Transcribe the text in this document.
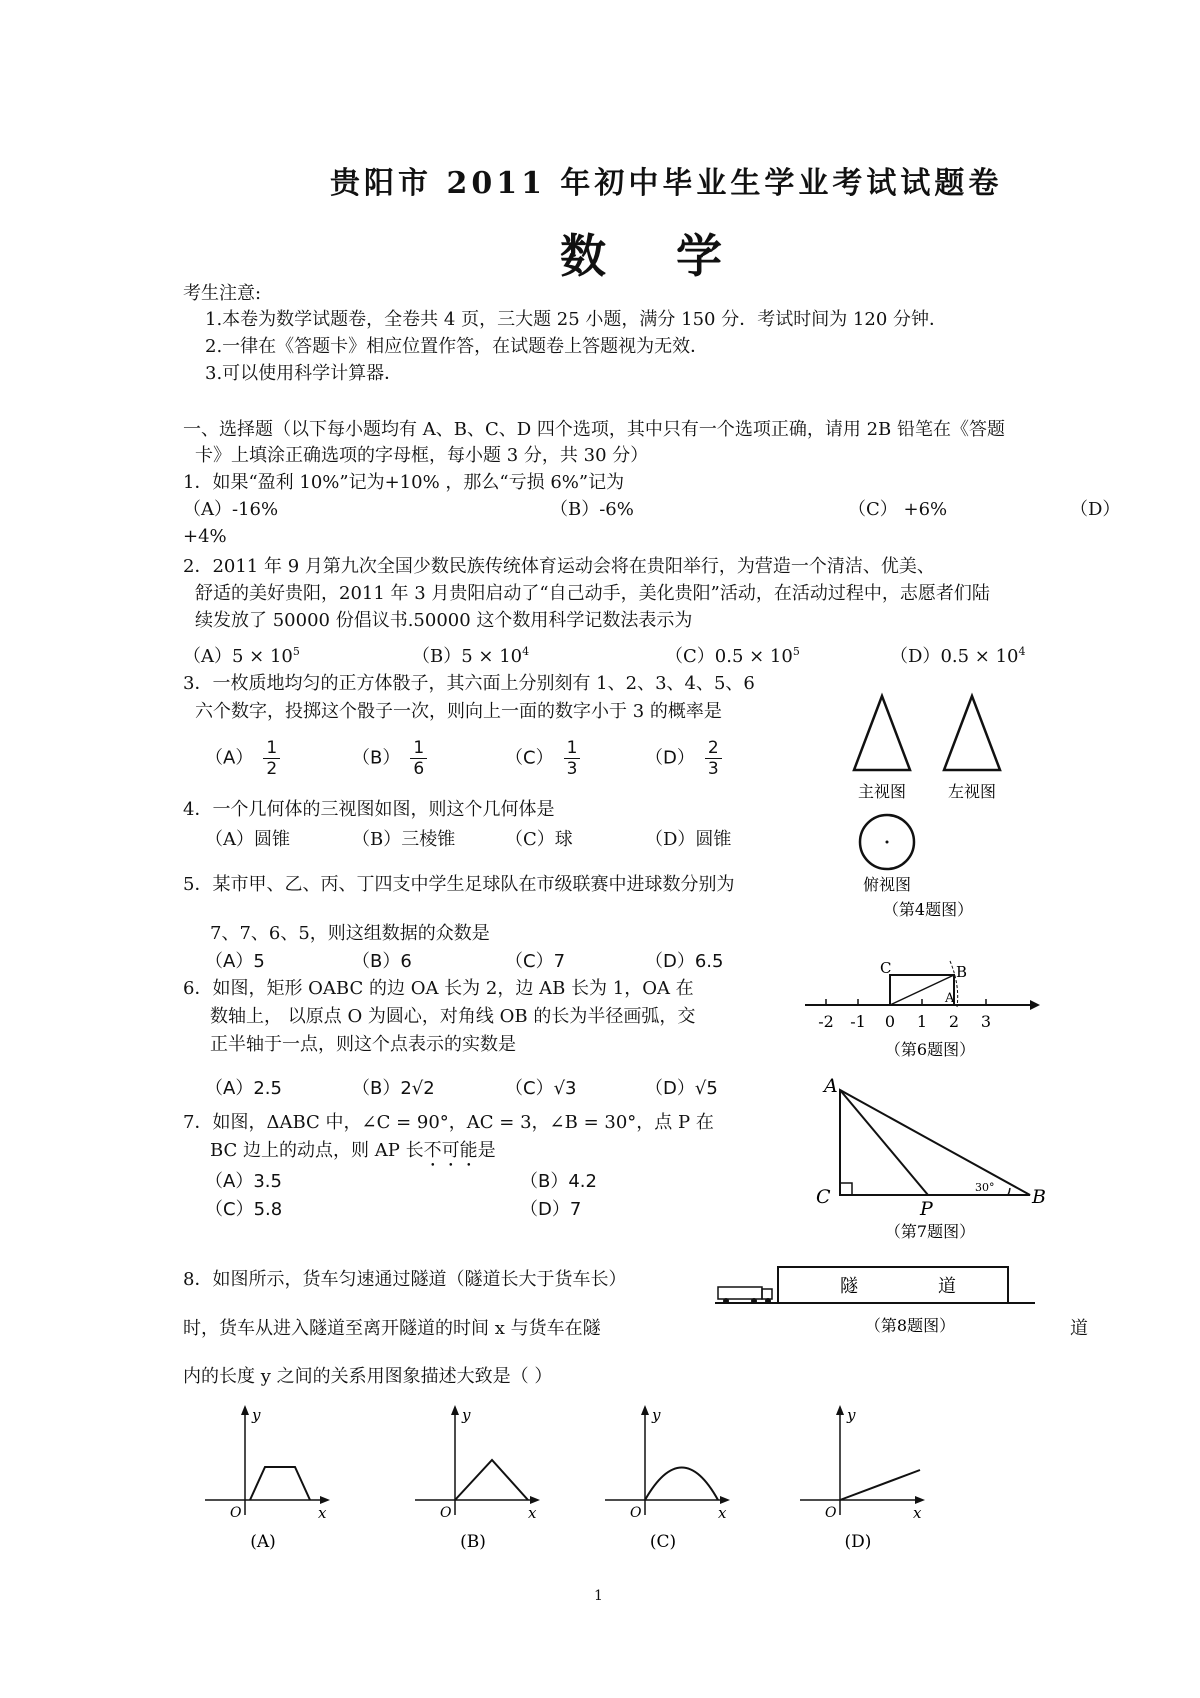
贵阳市 2011 年初中毕业生学业考试试题卷
数学
考生注意:
1.本卷为数学试题卷，全卷共 4 页，三大题 25 小题，满分 150 分．考试时间为 120 分钟．
2.一律在《答题卡》相应位置作答，在试题卷上答题视为无效．
3.可以使用科学计算器．
一、选择题（以下每小题均有 A、B、C、D 四个选项，其中只有一个选项正确，请用 2B 铅笔在《答题
卡》上填涂正确选项的字母框，每小题 3 分，共 30 分）
1．如果“盈利 10%”记为+10% ，那么“亏损 6%”记为
（A）-16%	（B）-6%	（C） +6%	（D）
+4%
2．2011 年 9 月第九次全国少数民族传统体育运动会将在贵阳举行，为营造一个清洁、优美、
舒适的美好贵阳，2011 年 3 月贵阳启动了“自己动手，美化贵阳”活动，在活动过程中，志愿者们陆
续发放了 50000 份倡议书.50000 这个数用科学记数法表示为
$(A)5 \times 10^5$	$(B)5 \times 10^4$	$(C)0.5 \times 10^5$	$(D)0.5 \times 10^4$
3．一枚质地均匀的正方体骰子，其六面上分别刻有 1、2、3、4、5、6
六个数字，投掷这个骰子一次，则向上一面的数字小于 3 的概率是
$(A) \frac{1}{2}$	$(B) \frac{1}{6}$	$(C) \frac{1}{3}$	$(D) \frac{2}{3}$
主视图	左视图
俯视图
（第4题图）
4．一个几何体的三视图如图，则这个几何体是
（A）圆锥	（B）三棱锥	（C）球	（D）圆锥
5．某市甲、乙、丙、丁四支中学生足球队在市级联赛中进球数分别为
7、7、6、5，则这组数据的众数是
（A）5	（B）6	（C）7	（D）6.5
6．如图，矩形 OABC 的边 OA 长为 2，边 AB 长为 1，OA 在
数轴上， 以原点 O 为圆心，对角线 OB 的长为半径画弧，交
正半轴于一点，则这个点表示的实数是
（A）2.5	（B）2√2	（C）√3	（D）√5
-2 -1 0 1 2 3
C	B
A
（第6题图）
7．如图，ΔABC 中，∠C = 90°，AC = 3，∠B = 30°，点 P 在
BC 边上的动点，则 AP 长不可能是
（A）3.5	（B）4.2
（C）5.8	（D）7
A
C
P
B
30°
（第7题图）
8．如图所示，货车匀速通过隧道（隧道长大于货车长）
时，货车从进入隧道至离开隧道的时间 x 与货车在隧	道
内的长度 y 之间的关系用图象描述大致是（ ）
隧	道
（第8题图）
y
x
O
(A)
y
x
O
(B)
y
x
O
(C)
y
x
O
(D)
1
